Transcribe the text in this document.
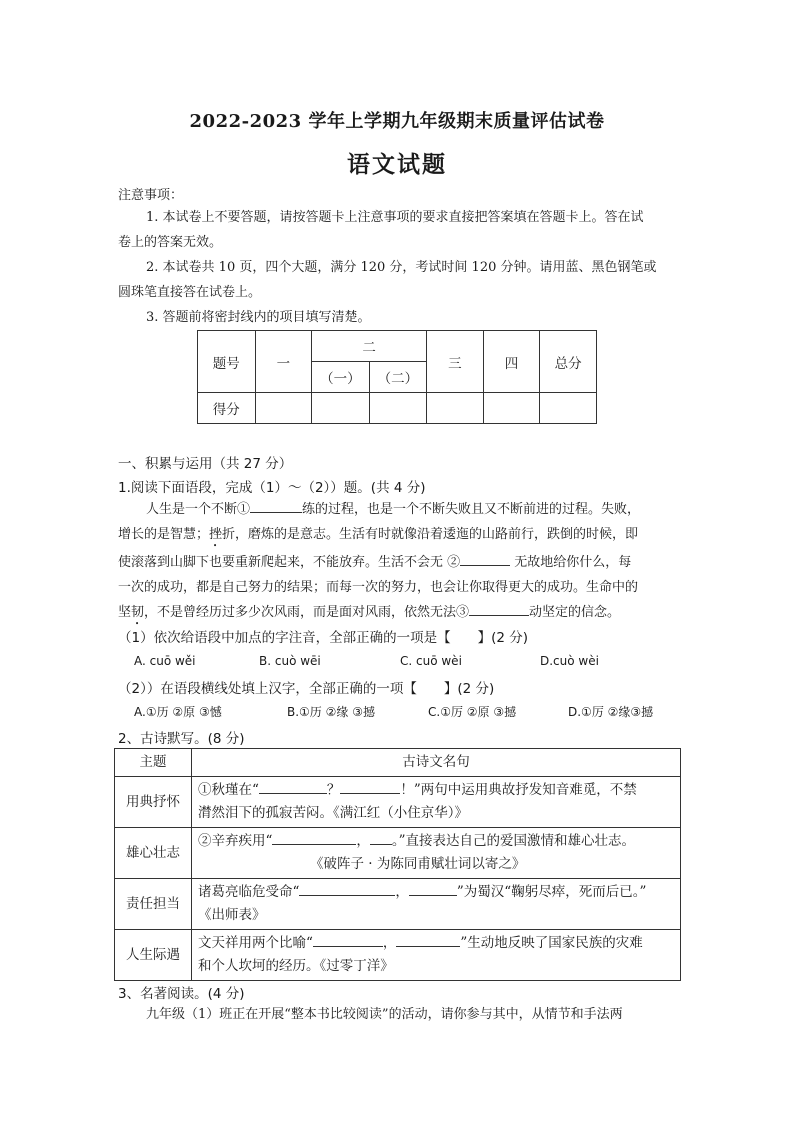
2022-2023 学年上学期九年级期末质量评估试卷
语文试题
注意事项：
1. 本试卷上不要答题，请按答题卡上注意事项的要求直接把答案填在答题卡上。答在试
卷上的答案无效。
2. 本试卷共 10 页，四个大题，满分 120 分，考试时间 120 分钟。请用蓝、黑色钢笔或
圆珠笔直接答在试卷上。
3. 答题前将密封线内的项目填写清楚。
题号	一	二		三	四	总分
		（一）	（二）			
得分						
一、积累与运用（共 27 分）
1.阅读下面语段，完成（1）～（2））题。(共 4 分)
人生是一个不断①	练的过程，也是一个不断失败且又不断前进的过程。失败，
增长的是智慧；挫折，磨炼的是意志。生活有时就像沿着逶迤的山路前行，跌倒的时候，即
使滚落到山脚下也要重新爬起来，不能放弃。生活不会无 ②	无故地给你什么，每
一次的成功，都是自己努力的结果；而每一次的努力，也会让你取得更大的成功。生命中的
坚韧，不是曾经历过多少次风雨，而是面对风雨，依然无法③	动坚定的信念。
（1）依次给语段中加点的字注音，全部正确的一项是【　　】(2 分)
A. cuō wěi	B. cuò wēi	C. cuō wèi	D.cuò wèi
（2））在语段横线处填上汉字，全部正确的一项【　　】(2 分)
A.①历 ②原 ③憾	B.①历 ②缘 ③撼	C.①厉 ②原 ③撼	D.①厉 ②缘③撼
2、古诗默写。(8 分)
主题	古诗文名句
用典抒怀	①秋瑾在“ ？ ！”两句中运用典故抒发知音难觅，不禁
潸然泪下的孤寂苦闷。《满江红（小住京华）》

雄心壮志	②辛弃疾用“ ， 。”直接表达自己的爱国激情和雄心壮志。
《破阵子 · 为陈同甫赋壮词以寄之》

责任担当	诸葛亮临危受命“ ， ”为蜀汉“鞠躬尽瘁，死而后已。”
《出师表》

人生际遇	文天祥用两个比喻“ ， ”生动地反映了国家民族的灾难
和个人坎坷的经历。《过零丁洋》
3、名著阅读。(4 分)
九年级（1）班正在开展“整本书比较阅读”的活动，请你参与其中，从情节和手法两
